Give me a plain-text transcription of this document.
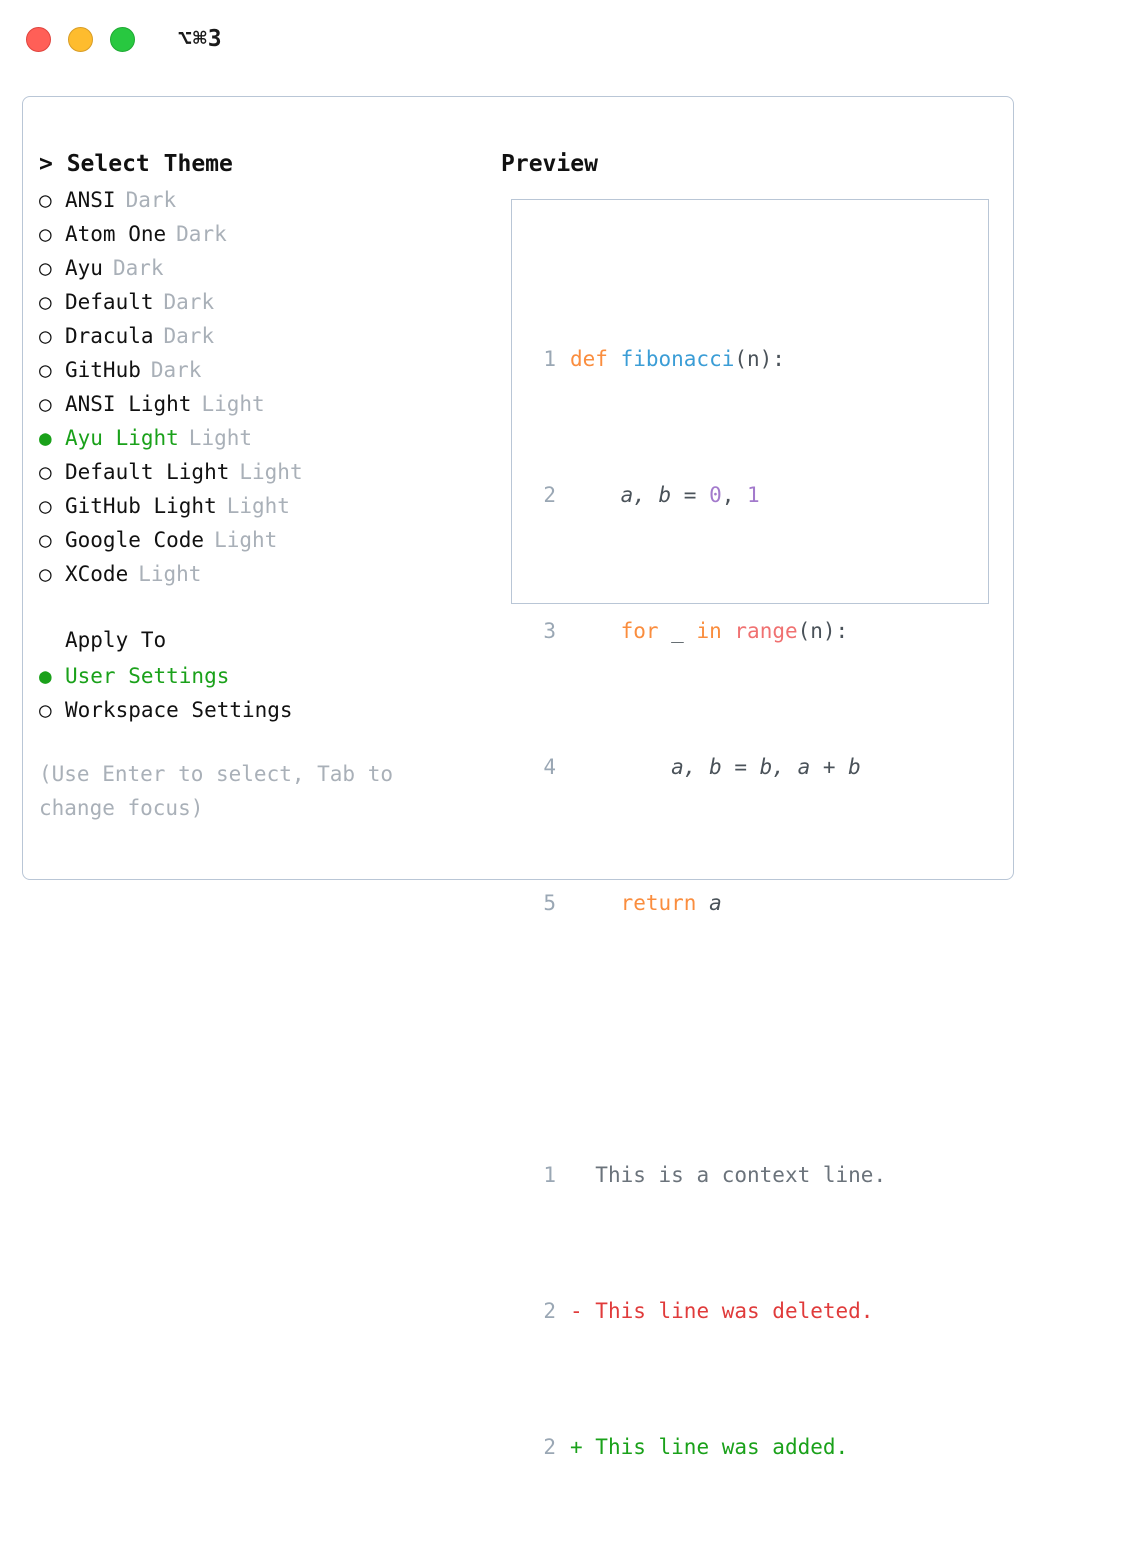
⌥⌘3
> Select Theme
○ ANSI Dark
○ Atom One Dark
○ Ayu Dark
○ Default Dark
○ Dracula Dark
○ GitHub Dark
○ ANSI Light Light
● Ayu Light Light
○ Default Light Light
○ GitHub Light Light
○ Google Code Light
○ XCode Light
Apply To
● User Settings
○ Workspace Settings
(Use Enter to select, Tab to change focus)
Preview

1 def fibonacci (n):

2 a, b = 0 , 1

3
	for _ in
range (n):

4 a, b = b, a + b

5
	return a

1
This is a context line.

2 - This line was deleted.

2 + This line was added.
